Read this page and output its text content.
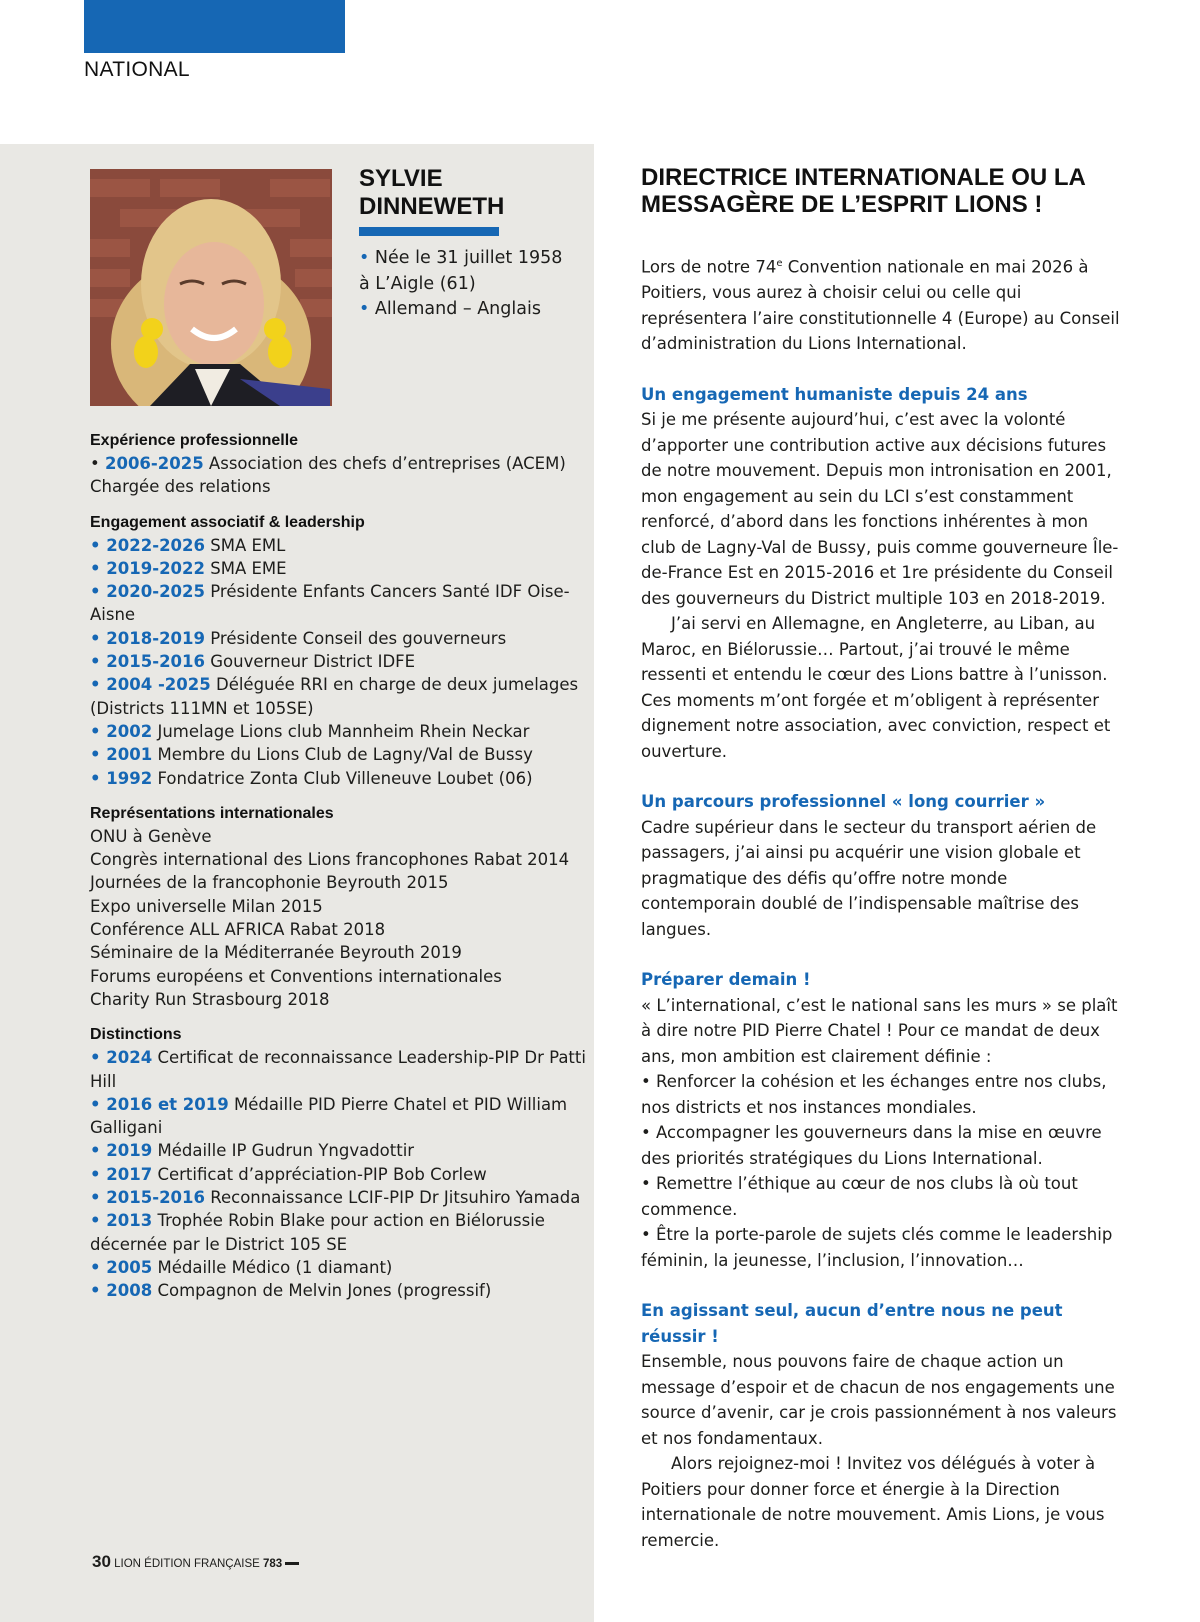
NATIONAL
SYLVIE
DINNEWETH
• Née le 31 juillet 1958
à L’Aigle (61)
• Allemand – Anglais
Expérience professionnelle

• 2006-2025 Association des chefs d’entreprises (ACEM) Chargée des relations

Engagement associatif & leadership

• 2022-2026 SMA EML

• 2019-2022 SMA EME

• 2020-2025 Présidente Enfants Cancers Santé IDF Oise-Aisne

• 2018-2019 Présidente Conseil des gouverneurs

• 2015-2016 Gouverneur District IDFE

• 2004 -2025 Déléguée RRI en charge de deux jumelages (Districts 111MN et 105SE)

• 2002 Jumelage Lions club Mannheim Rhein Neckar

• 2001 Membre du Lions Club de Lagny/Val de Bussy

• 1992 Fondatrice Zonta Club Villeneuve Loubet (06)

Représentations internationales

ONU à Genève

Congrès international des Lions francophones Rabat 2014

Journées de la francophonie Beyrouth 2015

Expo universelle Milan 2015

Conférence ALL AFRICA Rabat 2018

Séminaire de la Méditerranée Beyrouth 2019

Forums européens et Conventions internationales

Charity Run Strasbourg 2018

Distinctions

• 2024 Certificat de reconnaissance Leadership-PIP Dr Patti Hill

• 2016 et 2019 Médaille PID Pierre Chatel et PID William Galligani

• 2019 Médaille IP Gudrun Yngvadottir

• 2017 Certificat d’appréciation-PIP Bob Corlew

• 2015-2016 Reconnaissance LCIF-PIP Dr Jitsuhiro Yamada

• 2013 Trophée Robin Blake pour action en Biélorussie décernée par le District 105 SE

• 2005 Médaille Médico (1 diamant)

• 2008 Compagnon de Melvin Jones (progressif)

30 LION ÉDITION FRANÇAISE 783
DIRECTRICE INTERNATIONALE OU LA MESSAGÈRE DE L’ESPRIT LIONS !

Lors de notre 74e Convention nationale en mai 2026 à Poitiers, vous aurez à choisir celui ou celle qui représentera l’aire constitutionnelle 4 (Europe) au Conseil d’administration du Lions International.

Un engagement humaniste depuis 24 ans

Si je me présente aujourd’hui, c’est avec la volonté d’apporter une contribution active aux décisions futures de notre mouvement. Depuis mon intronisation en 2001, mon engagement au sein du LCI s’est constamment renforcé, d’abord dans les fonctions inhérentes à mon club de Lagny-Val de Bussy, puis comme gouverneure Île-de-France Est en 2015-2016 et 1re présidente du Conseil des gouverneurs du District multiple 103 en 2018-2019.

J’ai servi en Allemagne, en Angleterre, au Liban, au Maroc, en Biélorussie… Partout, j’ai trouvé le même ressenti et entendu le cœur des Lions battre à l’unisson. Ces moments m’ont forgée et m’obligent à représenter dignement notre association, avec conviction, respect et ouverture.

Un parcours professionnel « long courrier »

Cadre supérieur dans le secteur du transport aérien de passagers, j’ai ainsi pu acquérir une vision globale et pragmatique des défis qu’offre notre monde contemporain doublé de l’indispensable maîtrise des langues.

Préparer demain !

« L’international, c’est le national sans les murs » se plaît à dire notre PID Pierre Chatel ! Pour ce mandat de deux ans, mon ambition est clairement définie :

• Renforcer la cohésion et les échanges entre nos clubs, nos districts et nos instances mondiales.

• Accompagner les gouverneurs dans la mise en œuvre des priorités stratégiques du Lions International.

• Remettre l’éthique au cœur de nos clubs là où tout commence.

• Être la porte-parole de sujets clés comme le leadership féminin, la jeunesse, l’inclusion, l’innovation…

En agissant seul, aucun d’entre nous ne peut réussir !

Ensemble, nous pouvons faire de chaque action un message d’espoir et de chacun de nos engagements une source d’avenir, car je crois passionnément à nos valeurs et nos fondamentaux.

Alors rejoignez-moi ! Invitez vos délégués à voter à Poitiers pour donner force et énergie à la Direction internationale de notre mouvement. Amis Lions, je vous remercie.
